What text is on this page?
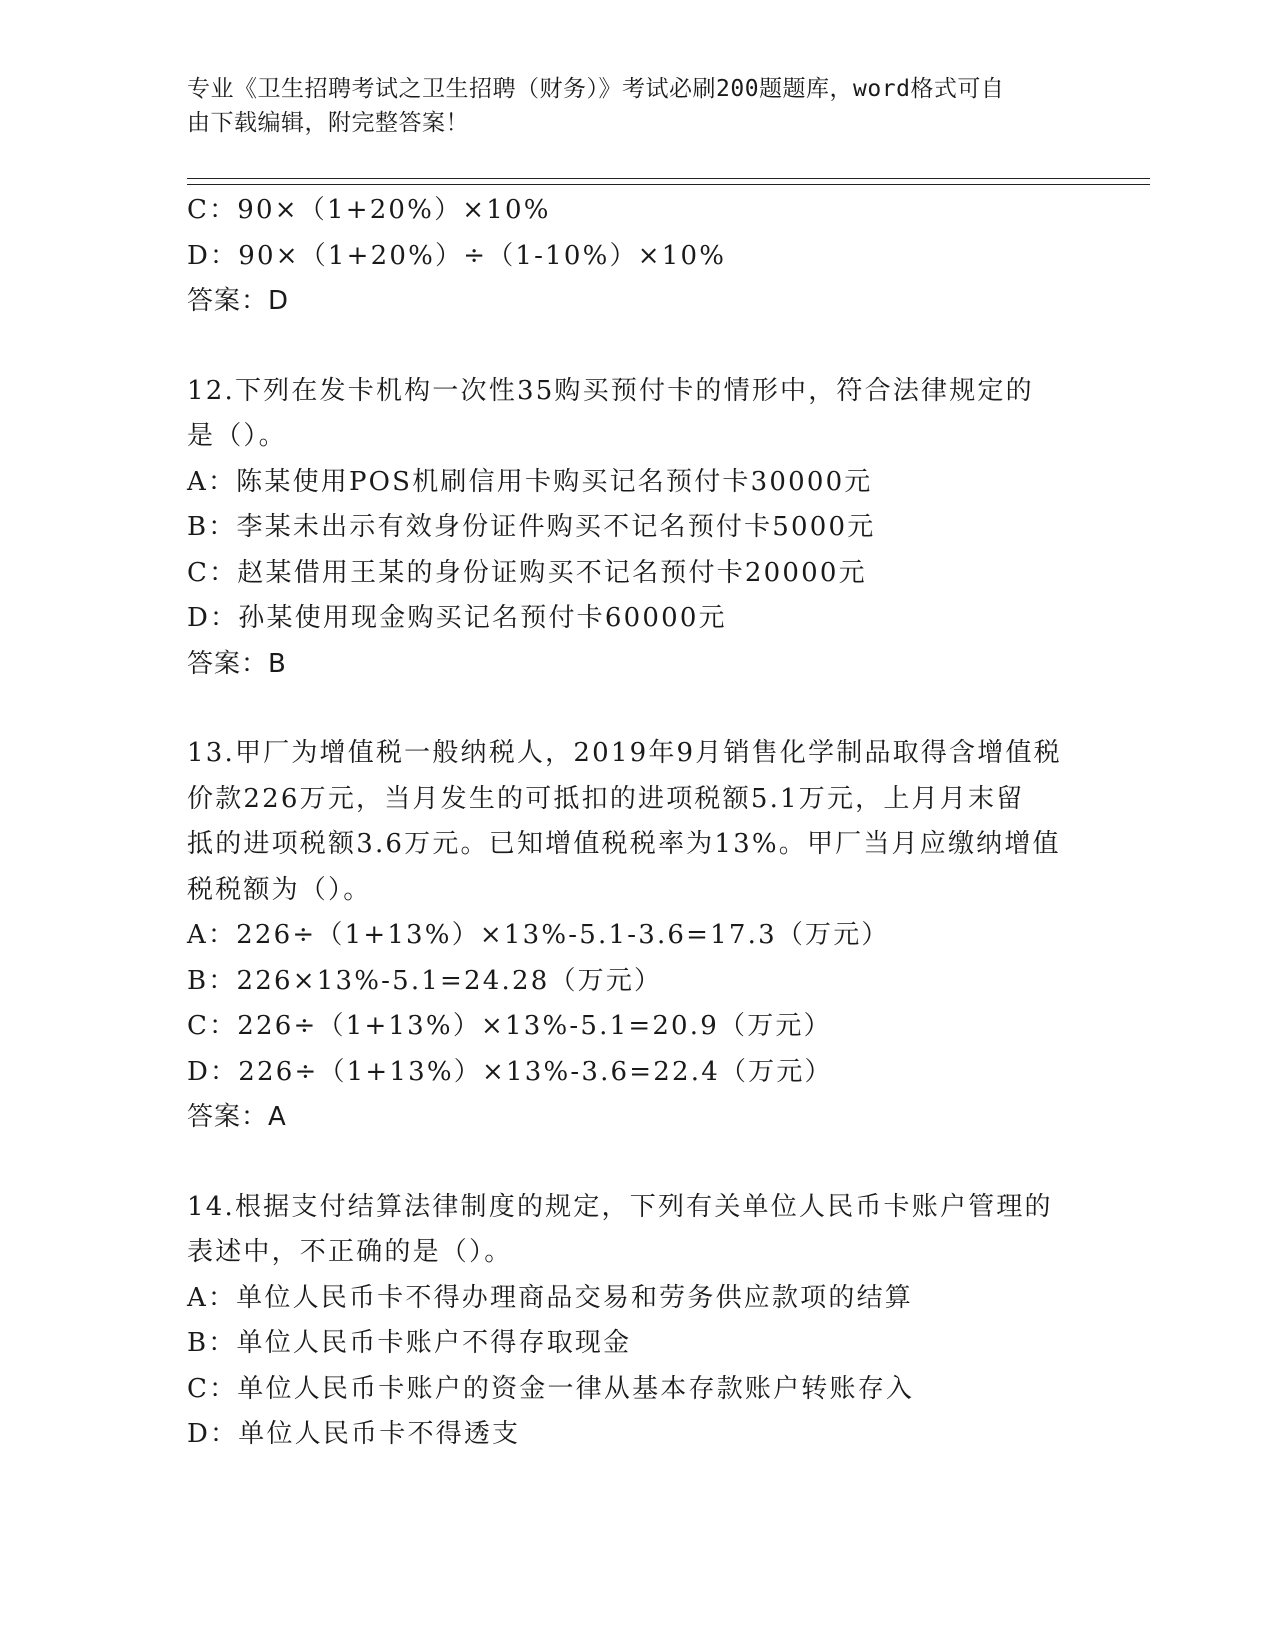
专业《卫生招聘考试之卫生招聘（财务）》考试必刷200题题库，word格式可自
由下载编辑，附完整答案！
C：90×（1+20%）×10%
D：90×（1+20%）÷（1-10%）×10%
答案：D
12.下列在发卡机构一次性35购买预付卡的情形中，符合法律规定的
是（）。
A：陈某使用POS机刷信用卡购买记名预付卡30000元
B：李某未出示有效身份证件购买不记名预付卡5000元
C：赵某借用王某的身份证购买不记名预付卡20000元
D：孙某使用现金购买记名预付卡60000元
答案：B
13.甲厂为增值税一般纳税人，2019年9月销售化学制品取得含增值税
价款226万元，当月发生的可抵扣的进项税额5.1万元，上月月末留
抵的进项税额3.6万元。已知增值税税率为13%。甲厂当月应缴纳增值
税税额为（）。
A：226÷（1+13%）×13%-5.1-3.6=17.3（万元）
B：226×13%-5.1=24.28（万元）
C：226÷（1+13%）×13%-5.1=20.9（万元）
D：226÷（1+13%）×13%-3.6=22.4（万元）
答案：A
14.根据支付结算法律制度的规定，下列有关单位人民币卡账户管理的
表述中，不正确的是（）。
A：单位人民币卡不得办理商品交易和劳务供应款项的结算
B：单位人民币卡账户不得存取现金
C：单位人民币卡账户的资金一律从基本存款账户转账存入
D：单位人民币卡不得透支
